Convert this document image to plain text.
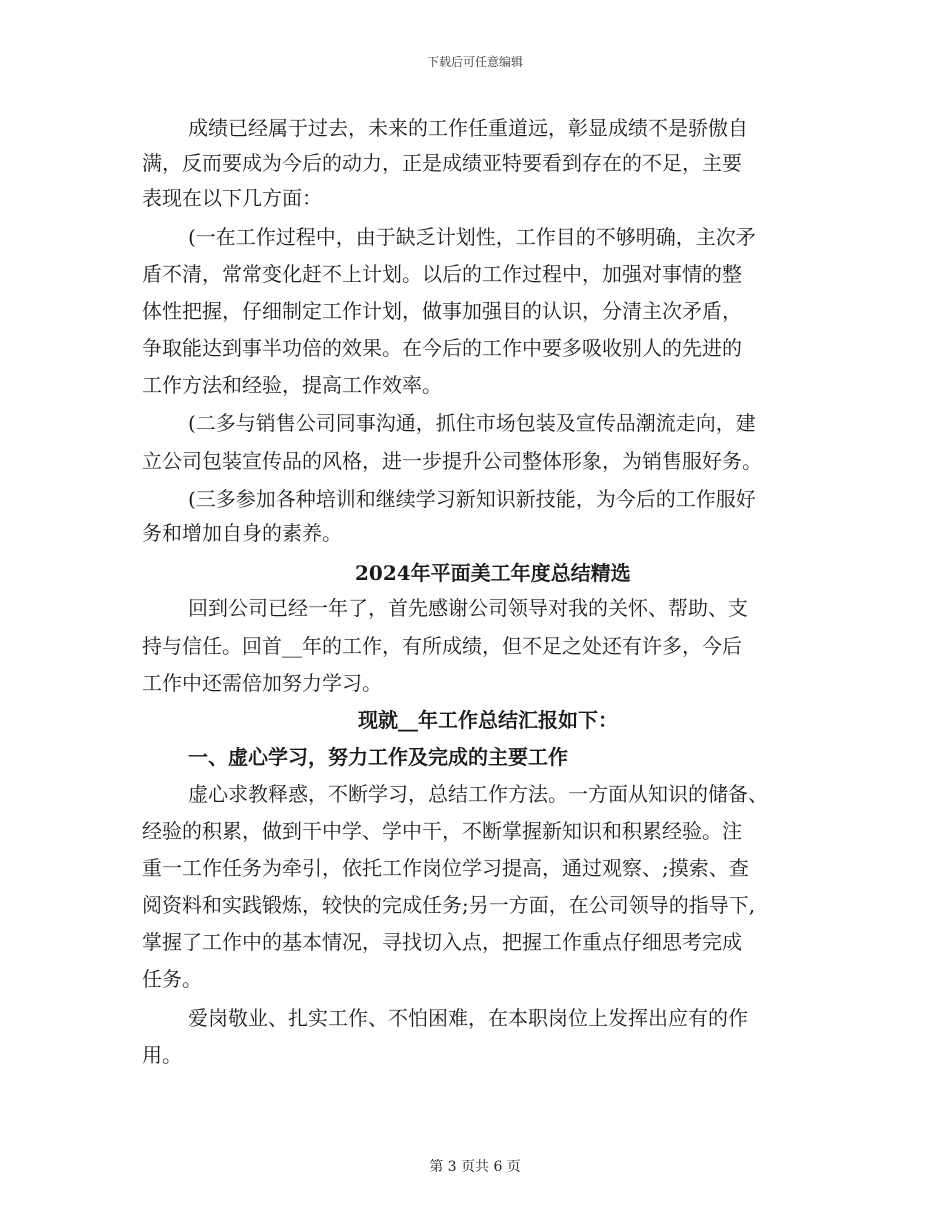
下载后可任意编辑
成绩已经属于过去，未来的工作任重道远，彰显成绩不是骄傲自
满，反而要成为今后的动力，正是成绩亚特要看到存在的不足，主要
表现在以下几方面：
(一在工作过程中，由于缺乏计划性，工作目的不够明确，主次矛
盾不清，常常变化赶不上计划。以后的工作过程中，加强对事情的整
体性把握，仔细制定工作计划，做事加强目的认识，分清主次矛盾，
争取能达到事半功倍的效果。在今后的工作中要多吸收别人的先进的
工作方法和经验，提高工作效率。
(二多与销售公司同事沟通，抓住市场包装及宣传品潮流走向，建
立公司包装宣传品的风格，进一步提升公司整体形象，为销售服好务。
(三多参加各种培训和继续学习新知识新技能，为今后的工作服好
务和增加自身的素养。
2024年平面美工年度总结精选
回到公司已经一年了，首先感谢公司领导对我的关怀、帮助、支
持与信任。回首__年的工作，有所成绩，但不足之处还有许多，今后
工作中还需倍加努力学习。
现就__年工作总结汇报如下：
一、虚心学习，努力工作及完成的主要工作
虚心求教释惑，不断学习，总结工作方法。一方面从知识的储备、
经验的积累，做到干中学、学中干，不断掌握新知识和积累经验。注
重一工作任务为牵引，依托工作岗位学习提高，通过观察、;摸索、查
阅资料和实践锻炼，较快的完成任务;另一方面，在公司领导的指导下,
掌握了工作中的基本情况，寻找切入点，把握工作重点仔细思考完成
任务。
爱岗敬业、扎实工作、不怕困难，在本职岗位上发挥出应有的作
用。
第 3 页共 6 页
